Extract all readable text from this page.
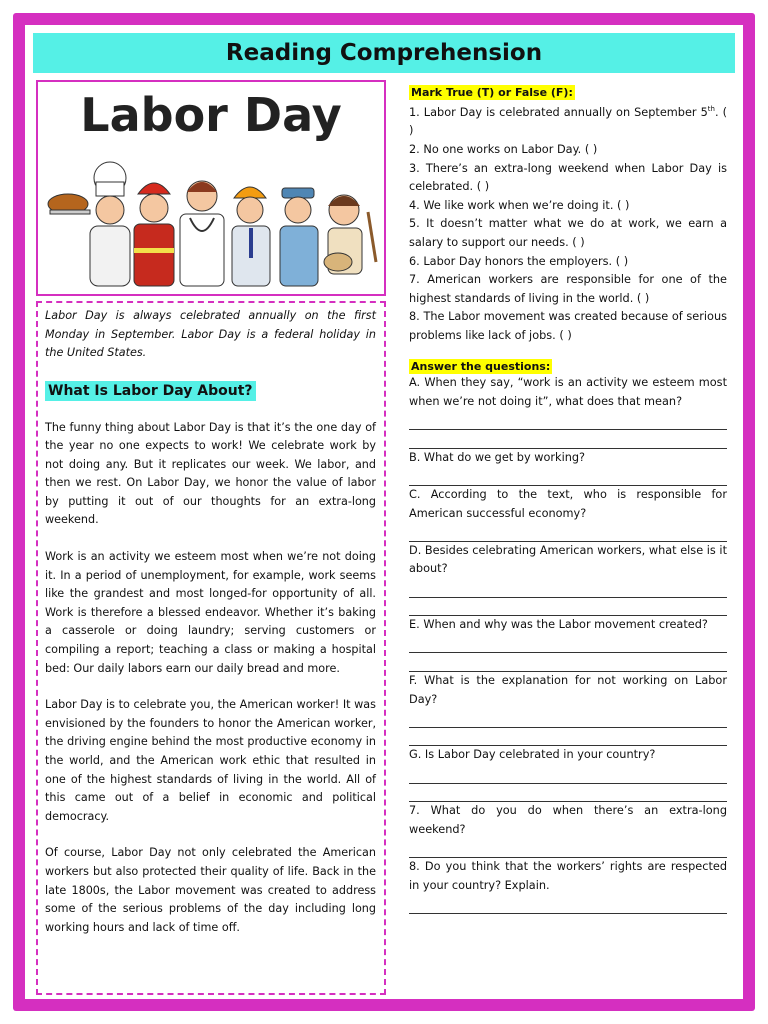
Reading Comprehension
Labor Day

Labor Day is always celebrated annually on the first Monday in September. Labor Day is a federal holiday in the United States.

What Is Labor Day About?

The funny thing about Labor Day is that it’s the one day of the year no one expects to work! We celebrate work by not doing any. But it replicates our week. We labor, and then we rest. On Labor Day, we honor the value of labor by putting it out of our thoughts for an extra-long weekend.

Work is an activity we esteem most when we’re not doing it. In a period of unemployment, for example, work seems like the grandest and most longed-for opportunity of all. Work is therefore a blessed endeavor. Whether it’s baking a casserole or doing laundry; serving customers or compiling a report; teaching a class or making a hospital bed: Our daily labors earn our daily bread and more.

Labor Day is to celebrate you, the American worker! It was envisioned by the founders to honor the American worker, the driving engine behind the most productive economy in the world, and the American work ethic that resulted in one of the highest standards of living in the world. All of this came out of a belief in economic and political democracy.

Of course, Labor Day not only celebrated the American workers but also protected their quality of life. Back in the late 1800s, the Labor movement was created to address some of the serious problems of the day including long working hours and lack of time off.

Mark True (T) or False (F):
1. Labor Day is celebrated annually on September 5th. ( )
2. No one works on Labor Day. ( )
3. There’s an extra-long weekend when Labor Day is celebrated. ( )
4. We like work when we’re doing it. ( )
5. It doesn’t matter what we do at work, we earn a salary to support our needs. ( )
6. Labor Day honors the employers. ( )
7. American workers are responsible for one of the highest standards of living in the world. ( )
8. The Labor movement was created because of serious problems like lack of jobs. ( )
Answer the questions:
A. When they say, “work is an activity we esteem most when we’re not doing it”, what does that mean?
B. What do we get by working?
C. According to the text, who is responsible for American successful economy?
D. Besides celebrating American workers, what else is it about?
E. When and why was the Labor movement created?
F. What is the explanation for not working on Labor Day?
G. Is Labor Day celebrated in your country?
7. What do you do when there’s an extra-long weekend?
8. Do you think that the workers’ rights are respected in your country? Explain.
